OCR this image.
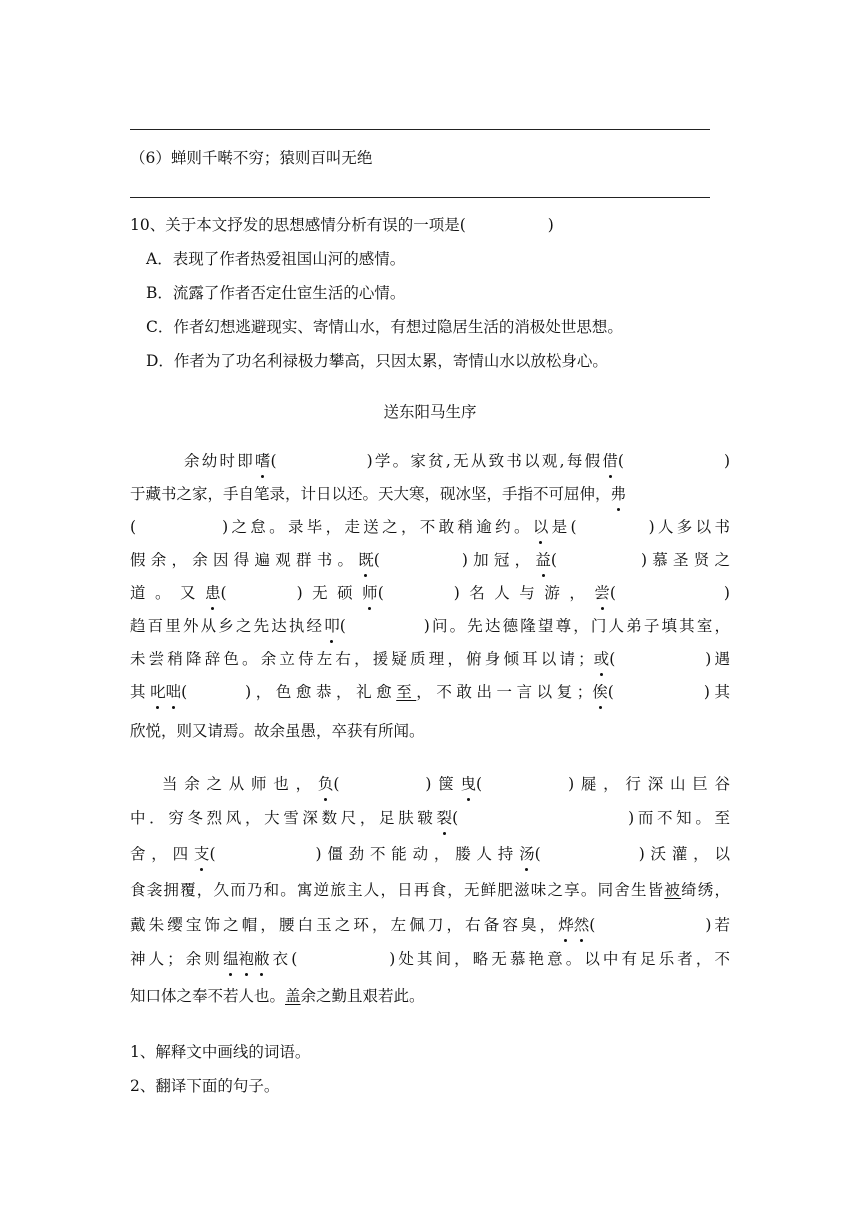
（6）蝉则千啭不穷；猿则百叫无绝
10、关于本文抒发的思想感情分析有误的一项是(	)
A．表现了作者热爱祖国山河的感情。
B．流露了作者否定仕宦生活的心情。
C．作者幻想逃避现实、寄情山水，有想过隐居生活的消极处世思想。
D．作者为了功名利禄极力攀高，只因太累，寄情山水以放松身心。
送东阳马生序
余幼时即嗜(	)学。家贫,无从致书以观,每假借(	)
于藏书之家，手自笔录，计日以还。天大寒，砚冰坚，手指不可屈伸，弗
(	)之怠。录毕，走送之，不敢稍逾约。以是(	)人多以书
假余，余因得遍观群书。既(	)加冠，益(	)慕圣贤之
道。又患(	)无硕师(	)名人与游，尝(	)
趋百里外从乡之先达执经叩(	)问。先达德隆望尊，门人弟子填其室，
未尝稍降辞色。余立侍左右，援疑质理，俯身倾耳以请；或(	)遇
其叱咄(	)，色愈恭，礼愈至，不敢出一言以复；俟(	)其
欣悦，则又请焉。故余虽愚，卒获有所闻。
当余之从师也，负(	)箧曳(	)屣，行深山巨谷
中．穷冬烈风，大雪深数尺，足肤皲裂(	)而不知。至
舍，四支(	)僵劲不能动，媵人持汤(	)沃灌，以
食衾拥覆，久而乃和。寓逆旅主人，日再食，无鲜肥滋味之享。同舍生皆被绮绣，
戴朱缨宝饰之帽，腰白玉之环，左佩刀，右备容臭，烨然(	)若
神人；余则缊袍敝衣(	)处其间，略无慕艳意。以中有足乐者，不
知口体之奉不若人也。盖余之勤且艰若此。
1、解释文中画线的词语。
2、翻译下面的句子。
